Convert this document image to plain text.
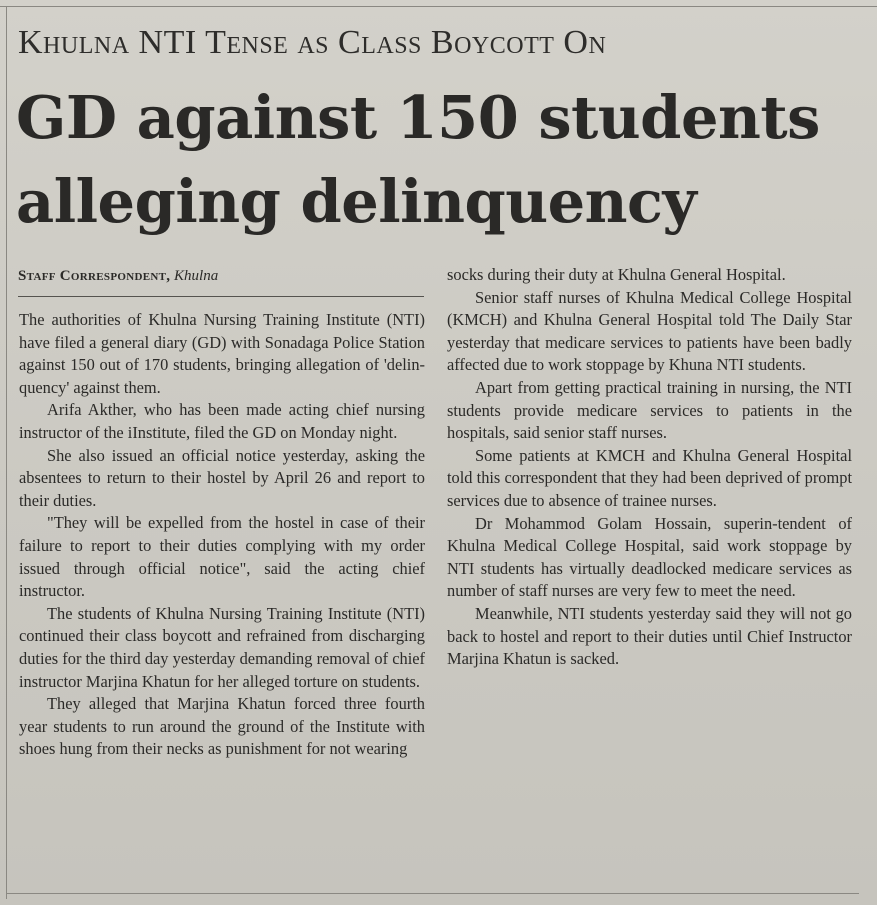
Khulna NTI Tense as Class Boycott On
GD against 150 students
alleging delinquency
Staff Correspondent, Khulna

The authorities of Khulna Nursing Training Institute (NTI) have filed a general diary (GD) with Sonadaga Police Station against 150 out of 170 students, bringing allegation of 'delin-quency' against them.

Arifa Akther, who has been made acting chief nursing instructor of the iInstitute, filed the GD on Monday night.

She also issued an official notice yesterday, asking the absentees to return to their hostel by April 26 and report to their duties.

"They will be expelled from the hostel in case of their failure to report to their duties complying with my order issued through official notice", said the acting chief instructor.

The students of Khulna Nursing Training Institute (NTI) continued their class boycott and refrained from discharging duties for the third day yesterday demanding removal of chief instructor Marjina Khatun for her alleged torture on students.

They alleged that Marjina Khatun forced three fourth year students to run around the ground of the Institute with shoes hung from their necks as punishment for not wearing

socks during their duty at Khulna General Hospital.

Senior staff nurses of Khulna Medical College Hospital (KMCH) and Khulna General Hospital told The Daily Star yesterday that medicare services to patients have been badly affected due to work stoppage by Khuna NTI students.

Apart from getting practical training in nursing, the NTI students provide medicare services to patients in the hospitals, said senior staff nurses.

Some patients at KMCH and Khulna General Hospital told this correspondent that they had been deprived of prompt services due to absence of trainee nurses.

Dr Mohammod Golam Hossain, superin-tendent of Khulna Medical College Hospital, said work stoppage by NTI students has virtually deadlocked medicare services as number of staff nurses are very few to meet the need.

Meanwhile, NTI students yesterday said they will not go back to hostel and report to their duties until Chief Instructor Marjina Khatun is sacked.
